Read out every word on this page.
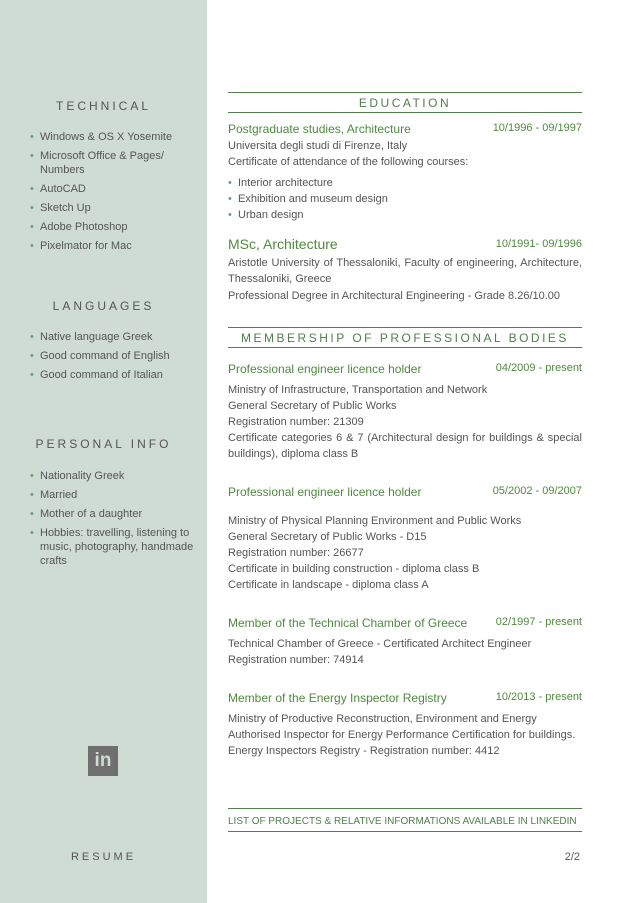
TECHNICAL
• Windows & OS X Yosemite
• Microsoft Office & Pages/ Numbers
• AutoCAD
• Sketch Up
• Adobe Photoshop
• Pixelmator for Mac
LANGUAGES
• Native language Greek
• Good command of English
• Good command of Italian
PERSONAL INFO
• Nationality Greek
• Married
• Mother of a daughter
• Hobbies: travelling, listening to music, photography, handmade crafts
in
RESUME
EDUCATION
Postgraduate studies, Architecture	10/1996 - 09/1997

Universita degli studi di Firenze, Italy

Certificate of attendance of the following courses:

• Interior architecture
• Exhibition and museum design
• Urban design
MSc, Architecture	10/1991- 09/1996

Aristotle University of Thessaloniki, Faculty of engineering, Architecture, Thessaloniki, Greece

Professional Degree in Architectural Engineering - Grade 8.26/10.00

MEMBERSHIP OF PROFESSIONAL BODIES
Professional engineer licence holder	04/2009 - present

Ministry of Infrastructure, Transportation and Network

General Secretary of Public Works

Registration number: 21309

Certificate categories 6 & 7 (Architectural design for buildings & special buildings), diploma class B

Professional engineer licence holder	05/2002 - 09/2007

Ministry of Physical Planning Environment and Public Works

General Secretary of Public Works - D15

Registration number: 26677

Certificate in building construction - diploma class B

Certificate in landscape - diploma class A

Member of the Technical Chamber of Greece	02/1997 - present

Technical Chamber of Greece - Certificated Architect Engineer

Registration number: 74914

Member of the Energy Inspector Registry	10/2013 - present

Ministry of Productive Reconstruction, Environment and Energy

Authorised Inspector for Energy Performance Certification for buildings.

Energy Inspectors Registry - Registration number: 4412

LIST OF PROJECTS & RELATIVE INFORMATIONS AVAILABLE IN LINKEDIN
2/2
